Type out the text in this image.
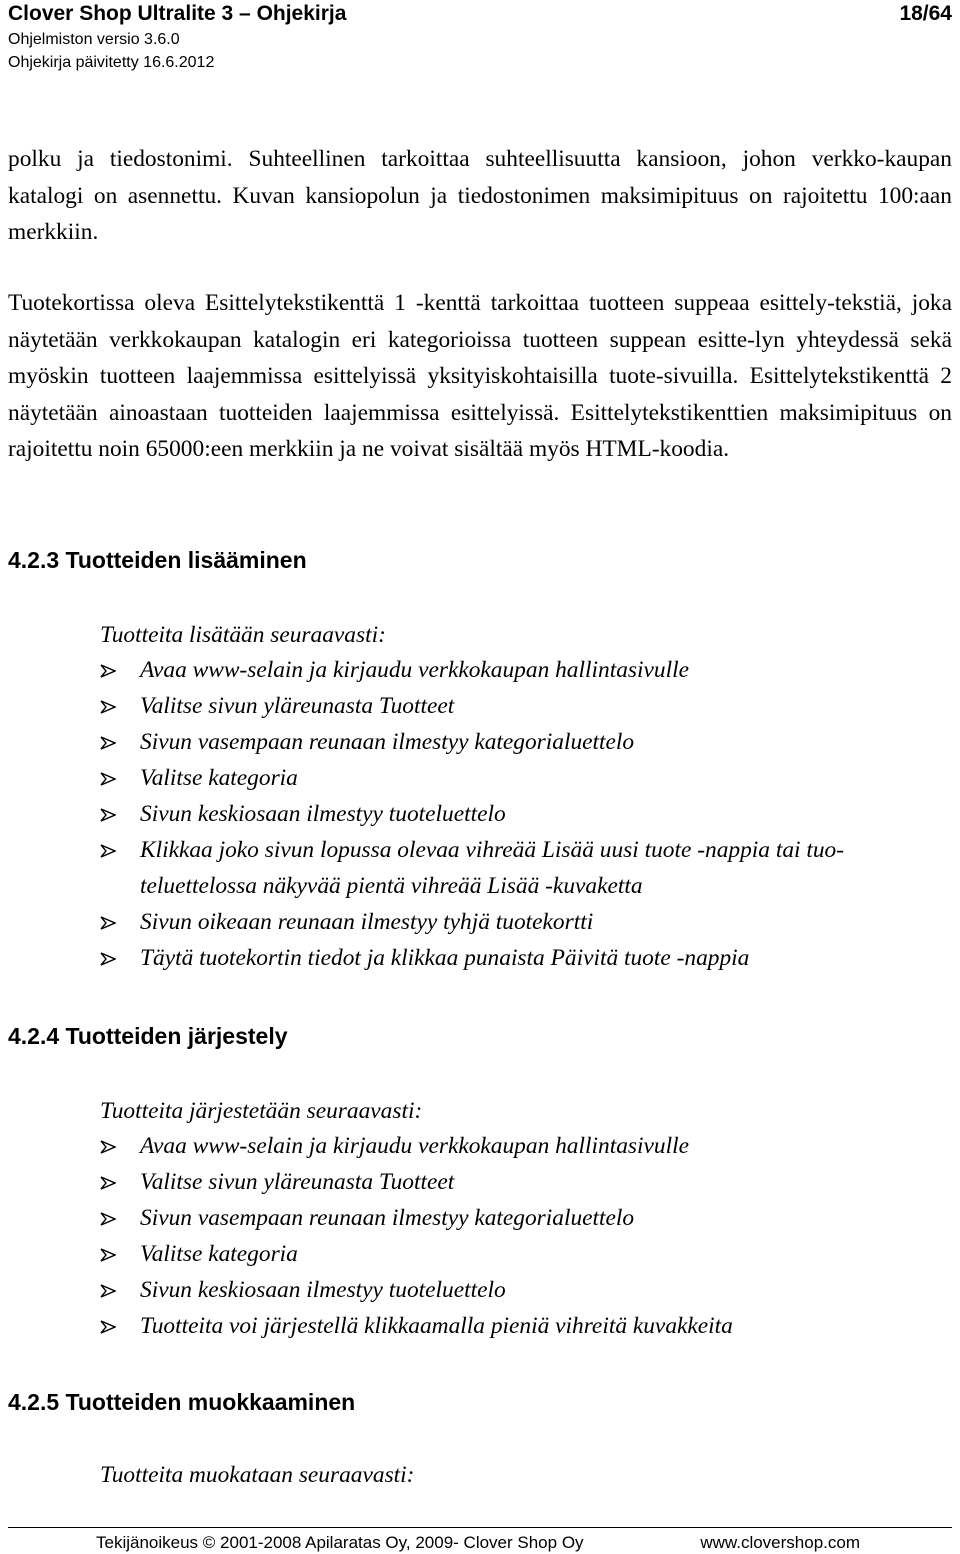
Clover Shop Ultralite 3 – Ohjekirja	18/64
Ohjelmiston versio 3.6.0
Ohjekirja päivitetty 16.6.2012

polku ja tiedostonimi. Suhteellinen tarkoittaa suhteellisuutta kansioon, johon verkko-kaupan katalogi on asennettu. Kuvan kansiopolun ja tiedostonimen maksimipituus on rajoitettu 100:aan merkkiin.

Tuotekortissa oleva Esittelytekstikenttä 1 -kenttä tarkoittaa tuotteen suppeaa esittely-tekstiä, joka näytetään verkkokaupan katalogin eri kategorioissa tuotteen suppean esitte-lyn yhteydessä sekä myöskin tuotteen laajemmissa esittelyissä yksityiskohtaisilla tuote-sivuilla. Esittelytekstikenttä 2 näytetään ainoastaan tuotteiden laajemmissa esittelyissä. Esittelytekstikenttien maksimipituus on rajoitettu noin 65000:een merkkiin ja ne voivat sisältää myös HTML-koodia.

4.2.3 Tuotteiden lisääminen

Tuotteita lisätään seuraavasti:

Avaa www-selain ja kirjaudu verkkokaupan hallintasivulle
Valitse sivun yläreunasta Tuotteet
Sivun vasempaan reunaan ilmestyy kategorialuettelo
Valitse kategoria
Sivun keskiosaan ilmestyy tuoteluettelo
Klikkaa joko sivun lopussa olevaa vihreää Lisää uusi tuote -nappia tai tuo-teluettelossa näkyvää pientä vihreää Lisää -kuvaketta
Sivun oikeaan reunaan ilmestyy tyhjä tuotekortti
Täytä tuotekortin tiedot ja klikkaa punaista Päivitä tuote -nappia
4.2.4 Tuotteiden järjestely

Tuotteita järjestetään seuraavasti:

Avaa www-selain ja kirjaudu verkkokaupan hallintasivulle
Valitse sivun yläreunasta Tuotteet
Sivun vasempaan reunaan ilmestyy kategorialuettelo
Valitse kategoria
Sivun keskiosaan ilmestyy tuoteluettelo
Tuotteita voi järjestellä klikkaamalla pieniä vihreitä kuvakkeita
4.2.5 Tuotteiden muokkaaminen

Tuotteita muokataan seuraavasti:

Tekijänoikeus © 2001-2008 Apilaratas Oy, 2009- Clover Shop Oy	www.clovershop.com
